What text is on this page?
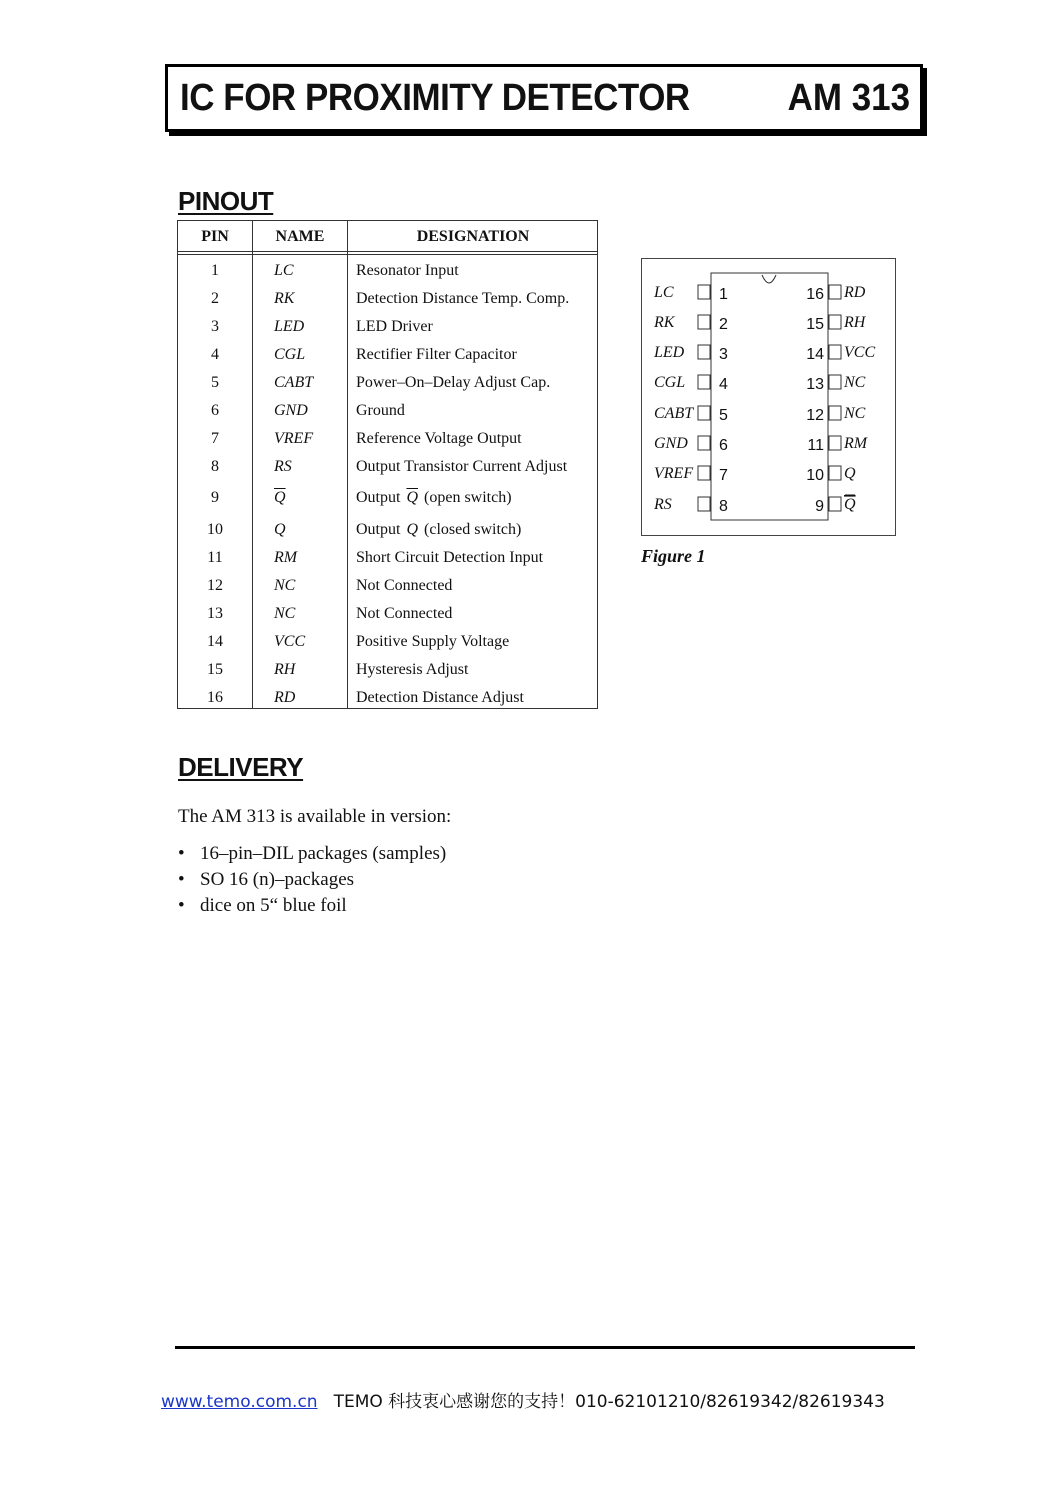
IC FOR PROXIMITY DETECTOR	AM 313
PINOUT
PIN	NAME	DESIGNATION
1	LC	Resonator Input
2	RK	Detection Distance Temp. Comp.
3	LED	LED Driver
4	CGL	Rectifier Filter Capacitor
5	CABT	Power–On–Delay Adjust Cap.
6	GND	Ground
7	VREF	Reference Voltage Output
8	RS	Output Transistor Current Adjust
9	$\overline{Q}$	Output $\overline{Q}$ (open switch)
10	Q	Output Q (closed switch)
11	RM	Short Circuit Detection Input
12	NC	Not Connected
13	NC	Not Connected
14	VCC	Positive Supply Voltage
15	RH	Hysteresis Adjust
16	RD	Detection Distance Adjust
LC	1
RK	2
LED 3
CGL 4
CABT 5
GND 6
VREF 7
RS	8
16 RD
15 RH
14 VCC
13 NC
12 NC
11 RM
10 Q
9 Q
Figure 1
DELIVERY
The AM 313 is available in version:
• 16–pin–DIL packages (samples)
• SO 16 (n)–packages
• dice on 5“ blue foil
www.temo.com.cn TEMO 科技衷心感谢您的支持！010-62101210/82619342/82619343
